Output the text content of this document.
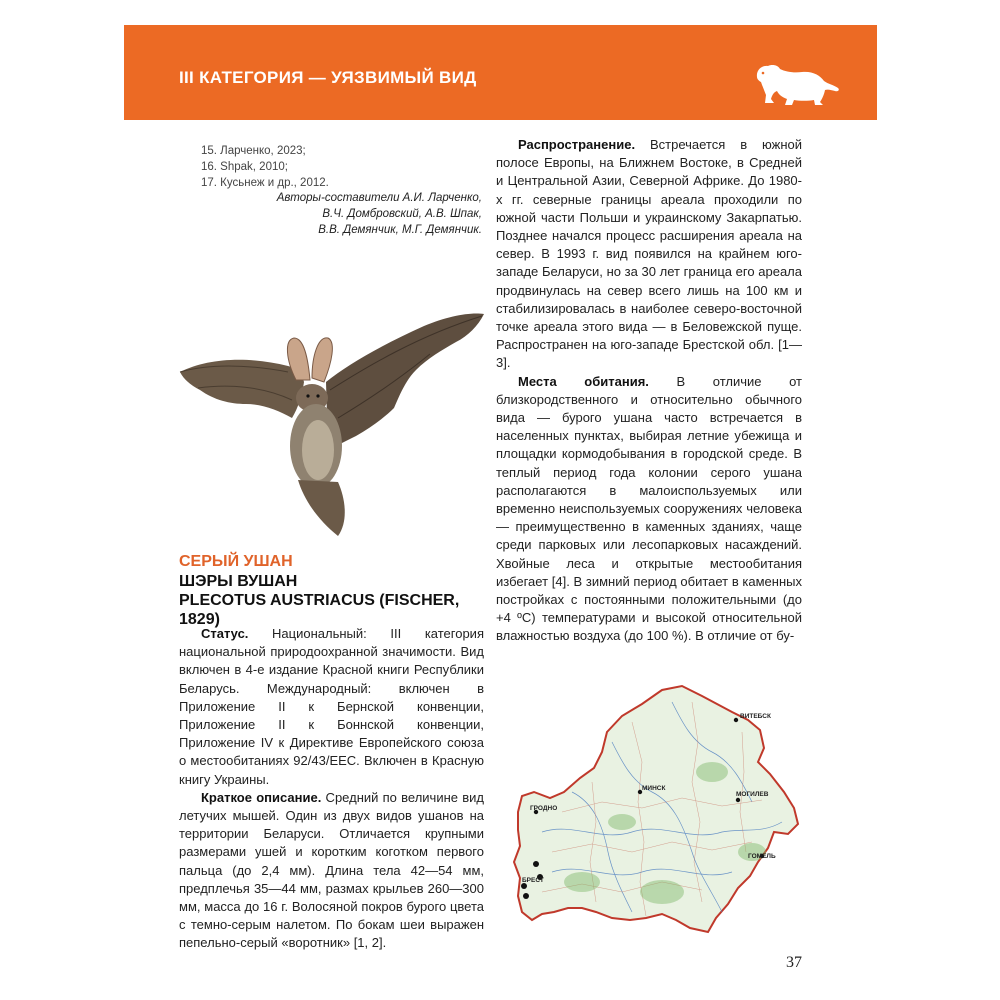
III КАТЕГОРИЯ — УЯЗВИМЫЙ ВИД
15. Ларченко, 2023;
16. Shpak, 2010;
17. Кусьнеж и др., 2012.
Авторы-составители А.И. Ларченко,
В.Ч. Домбровский, А.В. Шпак,
В.В. Демянчик, М.Г. Демянчик.
СЕРЫЙ УШАН
ШЭРЫ ВУШАН
PLECOTUS AUSTRIACUS (FISCHER, 1829)

Статус. Национальный: III категория национальной природоохранной значимости. Вид включен в 4-е издание Красной книги Республики Беларусь. Международный: включен в Приложение II к Бернской конвенции, Приложение II к Боннской конвенции, Приложение IV к Директиве Европейского союза о местообитаниях 92/43/ЕЕС. Включен в Красную книгу Украины.

Краткое описание. Средний по величине вид летучих мышей. Один из двух видов ушанов на территории Беларуси. Отличается крупными размерами ушей и коротким коготком первого пальца (до 2,4 мм). Длина тела 42—54 мм, предплечья 35—44 мм, размах крыльев 260—300 мм, масса до 16 г. Волосяной покров бурого цвета с темно-серым налетом. По бокам шеи выражен пепельно-серый «воротник» [1, 2].

Распространение. Встречается в южной полосе Европы, на Ближнем Востоке, в Средней и Центральной Азии, Северной Африке. До 1980-х гг. северные границы ареала проходили по южной части Польши и украинскому Закарпатью. Позднее начался процесс расширения ареала на север. В 1993 г. вид появился на крайнем юго-западе Беларуси, но за 30 лет граница его ареала продвинулась на север всего лишь на 100 км и стабилизировалась в наиболее северо-восточной точке ареала этого вида — в Беловежской пуще. Распространен на юго-западе Брестской обл. [1—3].

Места обитания. В отличие от близкородственного и относительно обычного вида — бурого ушана часто встречается в населенных пунктах, выбирая летние убежища и площадки кормодобывания в городской среде. В теплый период года колонии серого ушана располагаются в малоиспользуемых или временно неиспользуемых сооружениях человека — преимущественно в каменных зданиях, чаще среди парковых или лесопарковых насаждений. Хвойные леса и открытые местообитания избегает [4]. В зимний период обитает в каменных постройках с постоянными положительными (до +4 ºС) температурами и высокой относительной влажностью воздуха (до 100 %). В отличие от бу-

ВИТЕБСК
ГРОДНО
МИНСК
МОГИЛЕВ
БРЕСТ
ГОМЕЛЬ
37
